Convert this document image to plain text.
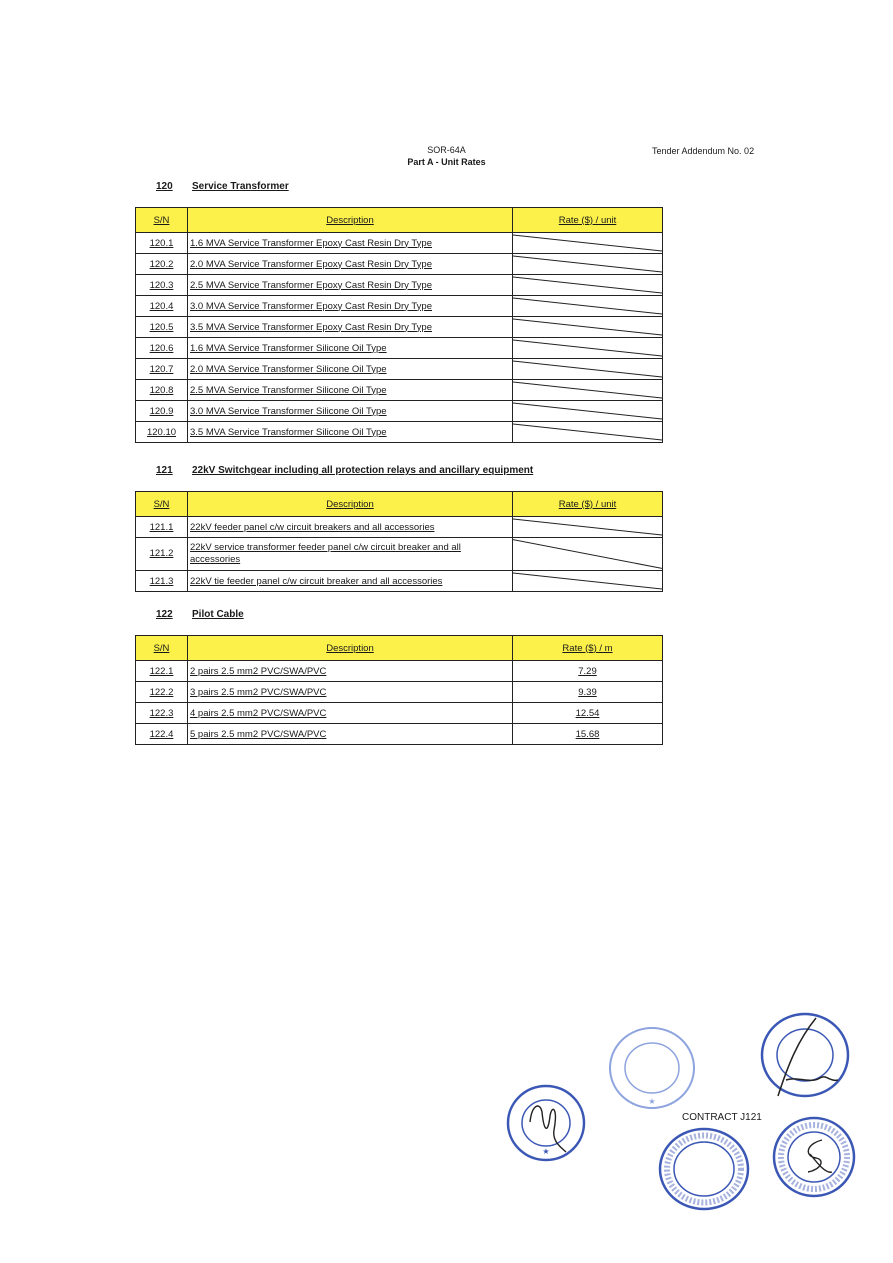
SOR-64A
Part A - Unit Rates
Tender Addendum No. 02
120 Service Transformer
S/N	Description	Rate ($) / unit
120.1	1.6 MVA Service Transformer Epoxy Cast Resin Dry Type	

120.2	2.0 MVA Service Transformer Epoxy Cast Resin Dry Type	

120.3	2.5 MVA Service Transformer Epoxy Cast Resin Dry Type	

120.4	3.0 MVA Service Transformer Epoxy Cast Resin Dry Type	

120.5	3.5 MVA Service Transformer Epoxy Cast Resin Dry Type	

120.6	1.6 MVA Service Transformer Silicone Oil Type	

120.7	2.0 MVA Service Transformer Silicone Oil Type	

120.8	2.5 MVA Service Transformer Silicone Oil Type	

120.9	3.0 MVA Service Transformer Silicone Oil Type	

120.10	3.5 MVA Service Transformer Silicone Oil Type	
121 22kV Switchgear including all protection relays and ancillary equipment
S/N	Description	Rate ($) / unit
121.1	22kV feeder panel c/w circuit breakers and all accessories	

121.2	22kV service transformer feeder panel c/w circuit breaker and all accessories	

121.3	22kV tie feeder panel c/w circuit breaker and all accessories	
122 Pilot Cable
S/N	Description	Rate ($) / m
122.1	2 pairs 2.5 mm2 PVC/SWA/PVC	7.29
122.2	3 pairs 2.5 mm2 PVC/SWA/PVC	9.39
122.3	4 pairs 2.5 mm2 PVC/SWA/PVC	12.54
122.4	5 pairs 2.5 mm2 PVC/SWA/PVC	15.68
★
★
CONTRACT J121
